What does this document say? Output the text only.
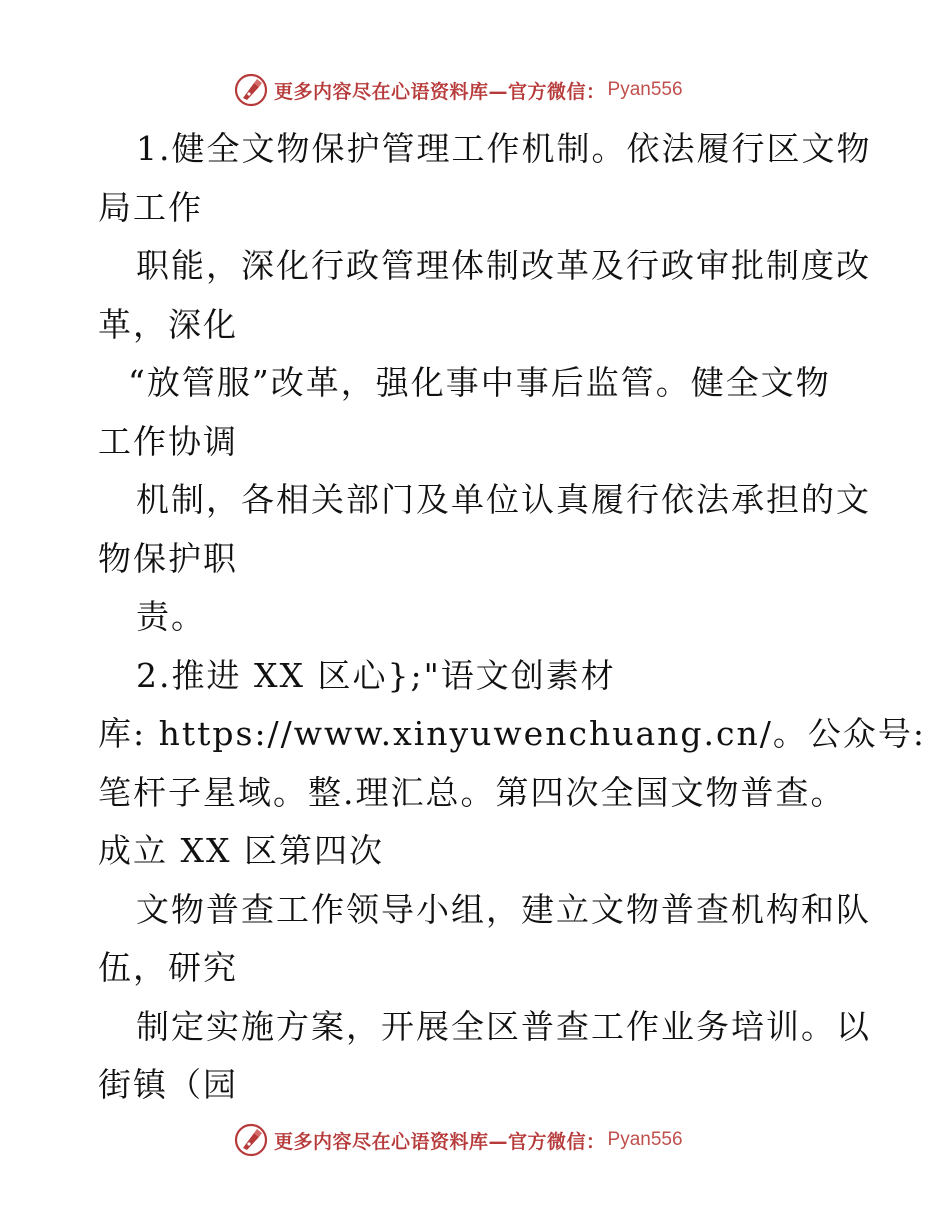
更多内容尽在心语资料库—官方微信： Pyan556
1.健全文物保护管理工作机制。依法履行区文物
局工作
职能，深化行政管理体制改革及行政审批制度改
革，深化
“放管服”改革，强化事中事后监管。健全文物
工作协调
机制，各相关部门及单位认真履行依法承担的文
物保护职
责。
2.推进 XX 区心};"语文创素材
库: https://www.xinyuwenchuang.cn/。公众号:
笔杆子星域。整.理汇总。第四次全国文物普查。
成立 XX 区第四次
文物普查工作领导小组，建立文物普查机构和队
伍，研究
制定实施方案，开展全区普查工作业务培训。以
街镇（园
更多内容尽在心语资料库—官方微信： Pyan556
